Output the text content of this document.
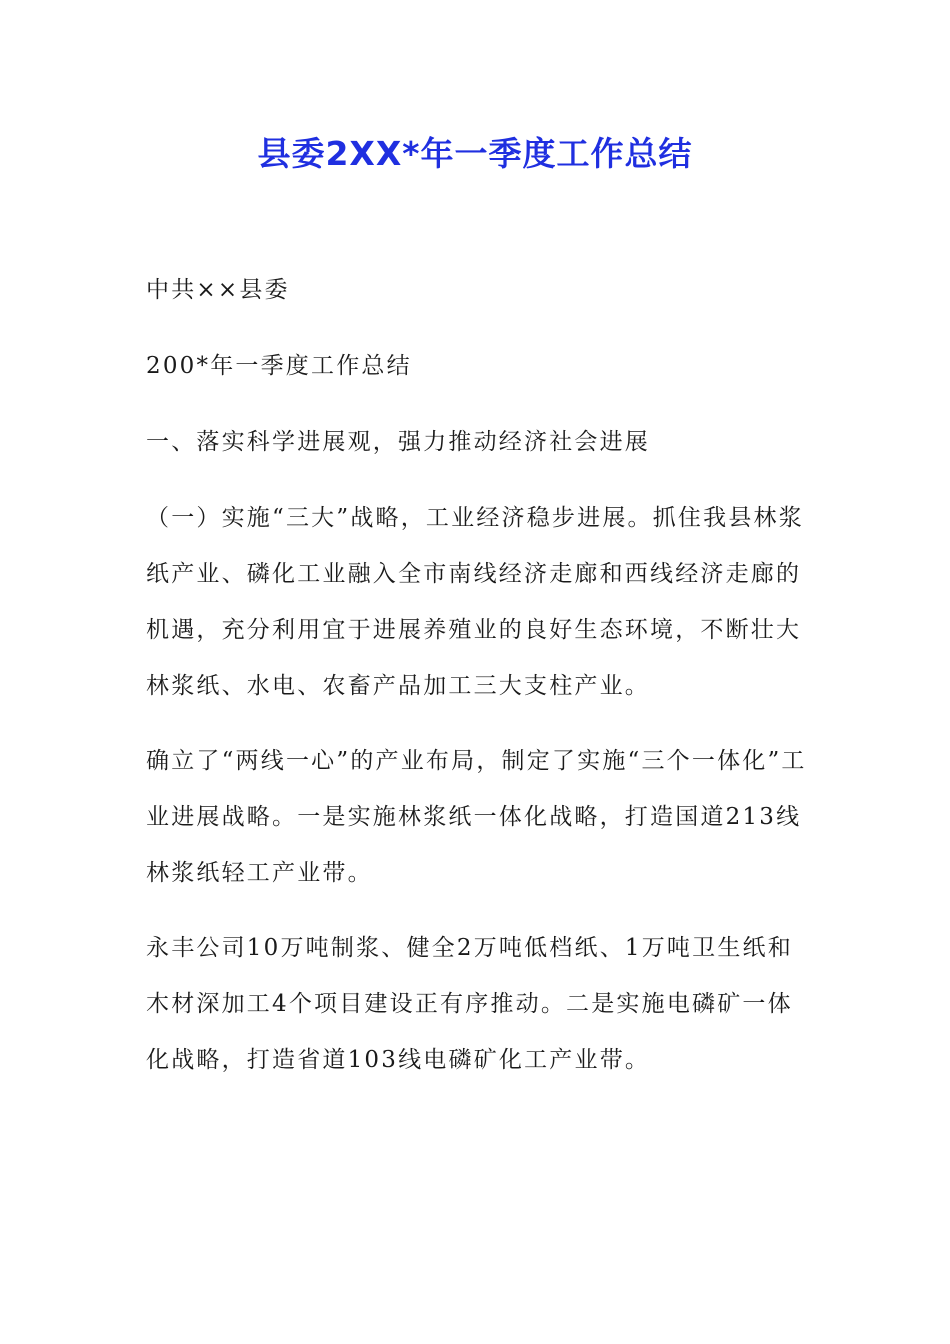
县委2XX*年一季度工作总结

中共××县委

200*年一季度工作总结

一、落实科学进展观，强力推动经济社会进展

（一）实施“三大”战略，工业经济稳步进展。抓住我县林浆纸产业、磷化工业融入全市南线经济走廊和西线经济走廊的机遇，充分利用宜于进展养殖业的良好生态环境，不断壮大林浆纸、水电、农畜产品加工三大支柱产业。

确立了“两线一心”的产业布局，制定了实施“三个一体化”工业进展战略。一是实施林浆纸一体化战略，打造国道213线林浆纸轻工产业带。

永丰公司10万吨制浆、健全2万吨低档纸、1万吨卫生纸和木材深加工4个项目建设正有序推动。二是实施电磷矿一体化战略，打造省道103线电磷矿化工产业带。
